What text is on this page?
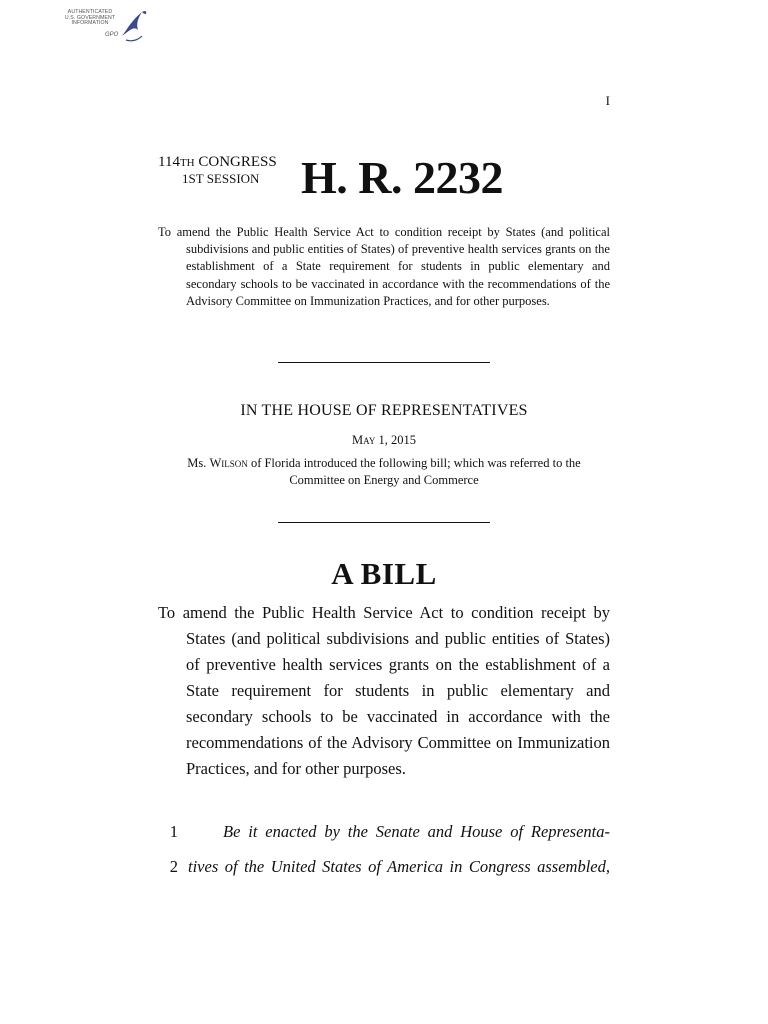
AUTHENTICATED
U.S. GOVERNMENT
INFORMATION
GPO
I
114TH CONGRESS
1ST SESSION H. R. 2232
To amend the Public Health Service Act to condition receipt by States (and political subdivisions and public entities of States) of preventive health services grants on the establishment of a State requirement for students in public elementary and secondary schools to be vaccinated in accordance with the recommendations of the Advisory Committee on Immunization Practices, and for other purposes.
IN THE HOUSE OF REPRESENTATIVES
May 1, 2015
Ms. Wilson of Florida introduced the following bill; which was referred to the Committee on Energy and Commerce
A BILL
To amend the Public Health Service Act to condition receipt by States (and political subdivisions and public entities of States) of preventive health services grants on the establishment of a State requirement for students in public elementary and secondary schools to be vaccinated in accordance with the recommendations of the Advisory Committee on Immunization Practices, and for other purposes.
1	Be it enacted by the Senate and House of Representa-
2 tives of the United States of America in Congress assembled,
